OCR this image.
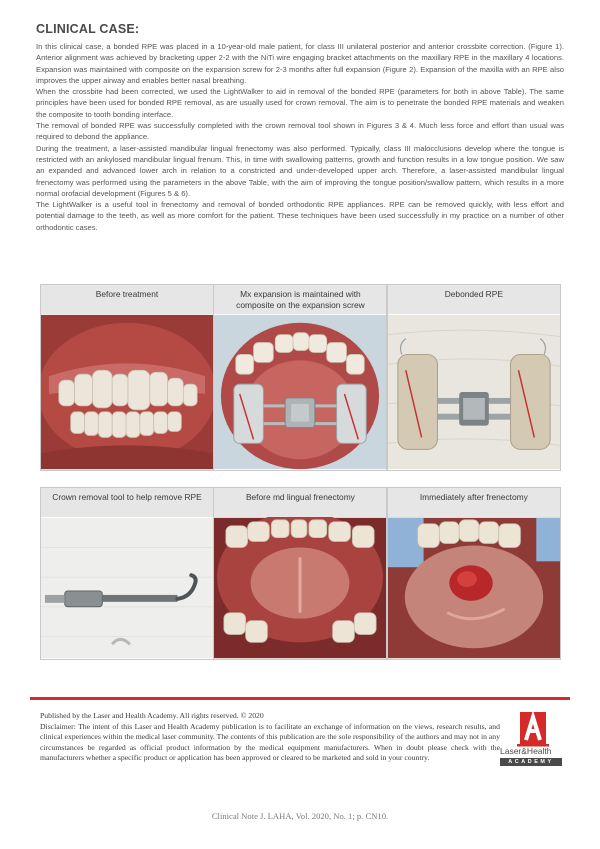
CLINICAL CASE:

In this clinical case, a bonded RPE was placed in a 10-year-old male patient, for class III unilateral posterior and anterior crossbite correction. (Figure 1). Anterior alignment was achieved by bracketing upper 2-2 with the NiTi wire engaging bracket attachments on the maxillary RPE in the maxillary 4 locations. Expansion was maintained with composite on the expansion screw for 2-3 months after full expansion (Figure 2). Expansion of the maxilla with an RPE also improves the upper airway and enables better nasal breathing.

When the crossbite had been corrected, we used the LightWalker to aid in removal of the bonded RPE (parameters for both in above Table). The same principles have been used for bonded RPE removal, as are usually used for crown removal. The aim is to penetrate the bonded RPE materials and weaken the composite to tooth bonding interface.

The removal of bonded RPE was successfully completed with the crown removal tool shown in Figures 3 & 4. Much less force and effort than usual was required to debond the appliance.

During the treatment, a laser-assisted mandibular lingual frenectomy was also performed. Typically, class III malocclusions develop where the tongue is restricted with an ankylosed mandibular lingual frenum. This, in time with swallowing patterns, growth and function results in a low tongue position. We saw an expanded and advanced lower arch in relation to a constricted and under-developed upper arch. Therefore, a laser-assisted mandibular lingual frenectomy was performed using the parameters in the above Table, with the aim of improving the tongue position/swallow pattern, which results in a more normal orofacial development (Figures 5 & 6).

The LightWalker is a useful tool in frenectomy and removal of bonded orthodontic RPE appliances. RPE can be removed quickly, with less effort and potential damage to the teeth, as well as more comfort for the patient. These techniques have been used successfully in my practice on a number of other orthodontic cases.

Before treatment	Mx expansion is maintained with composite on the expansion screw
Debonded RPE
Crown removal tool to help remove RPE	Before md lingual frenectomy	Immediately after frenectomy

Published by the Laser and Health Academy. All rights reserved. © 2020

Disclaimer: The intent of this Laser and Health Academy publication is to facilitate an exchange of information on the views, research results, and clinical experiences within the medical laser community. The contents of this publication are the sole responsibility of the authors and may not in any circumstances be regarded as official product information by the medical equipment manufacturers. When in doubt please check with the manufacturers whether a specific product or application has been approved or cleared to be marketed and sold in your country.

Laser&Health
ACADEMY
Clinical Note J. LAHA, Vol. 2020, No. 1; p. CN10.
